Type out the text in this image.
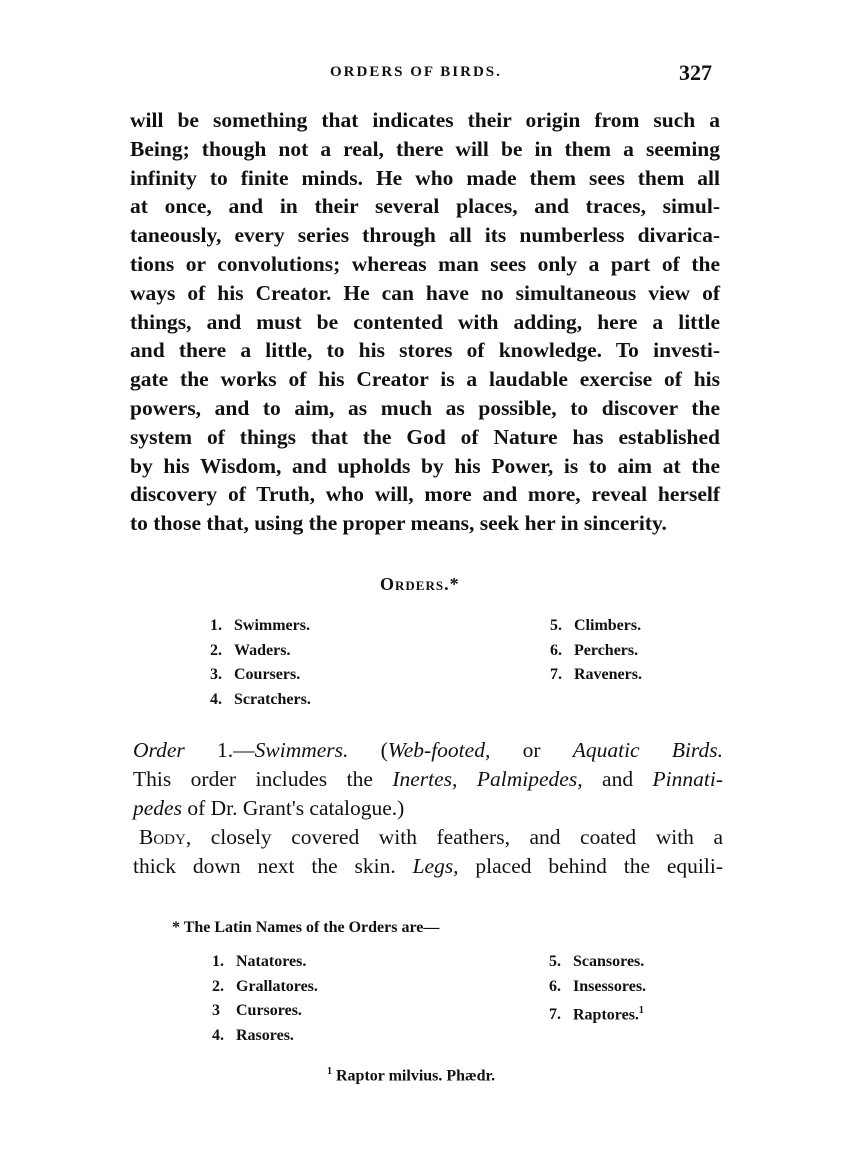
ORDERS OF BIRDS.	327
will be something that indicates their origin from such a
Being; though not a real, there will be in them a seeming
infinity to finite minds. He who made them sees them all
at once, and in their several places, and traces, simul-
taneously, every series through all its numberless divarica-
tions or convolutions; whereas man sees only a part of the
ways of his Creator. He can have no simultaneous view of
things, and must be contented with adding, here a little
and there a little, to his stores of knowledge. To investi-
gate the works of his Creator is a laudable exercise of his
powers, and to aim, as much as possible, to discover the
system of things that the God of Nature has established
by his Wisdom, and upholds by his Power, is to aim at the
discovery of Truth, who will, more and more, reveal herself
to those that, using the proper means, seek her in sincerity.
Orders.*
1. Swimmers.
2. Waders.
3. Coursers.
4. Scratchers.
5. Climbers.
6. Perchers.
7. Raveners.
Order 1.—Swimmers. (Web-footed, or Aquatic Birds.
This order includes the Inertes, Palmipedes, and Pinnati-
pedes of Dr. Grant's catalogue.)
Body, closely covered with feathers, and coated with a
thick down next the skin. Legs, placed behind the equili-
* The Latin Names of the Orders are—
1. Natatores.
2. Grallatores.
3 Cursores.
4. Rasores.
5. Scansores.
6. Insessores.
7. Raptores.$^1$
$^1$ Raptor milvius. Phædr.
